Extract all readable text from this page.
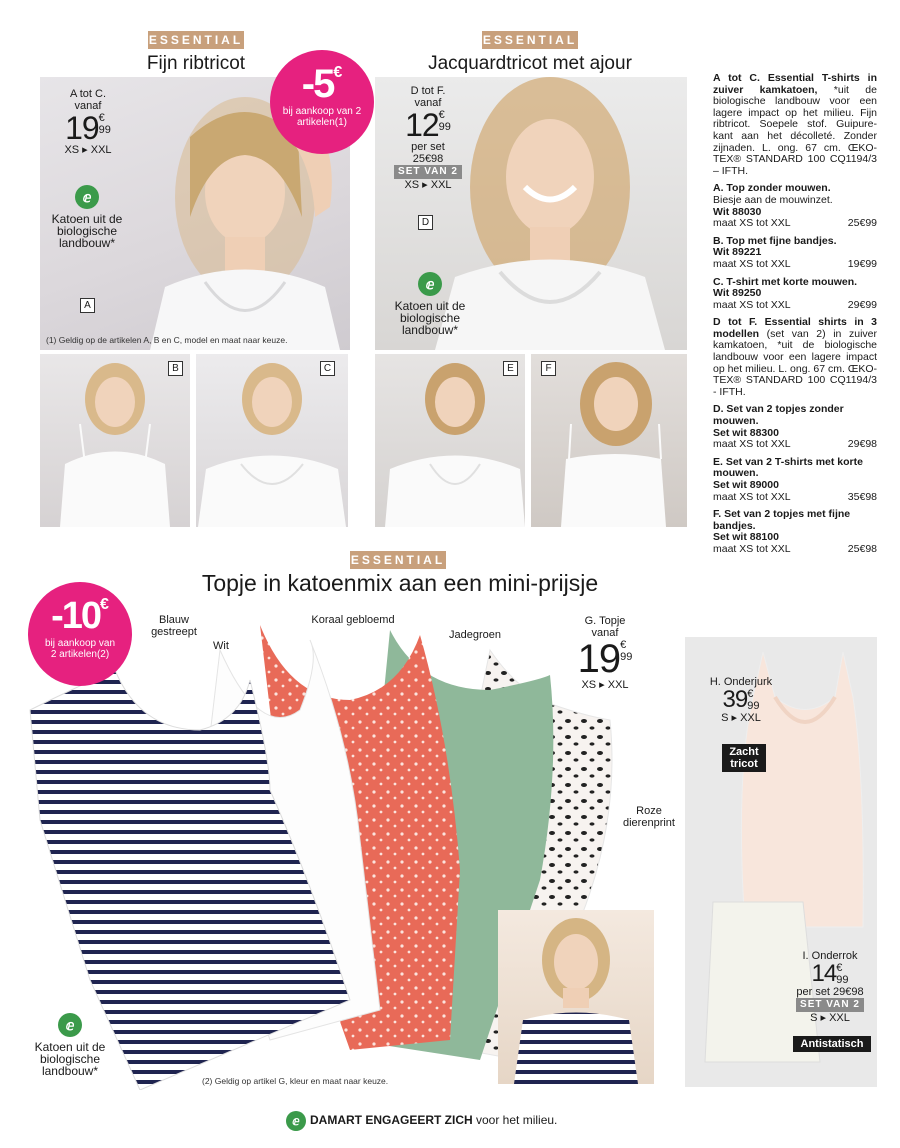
ESSENTIAL
Fijn ribtricot
A tot C.
vanaf
19 €
99
XS ▸ XXL
ⅇ
Katoen uit de biologische landbouw*
A
(1) Geldig op de artikelen A, B en C, model en maat naar keuze.
-5€
bij aankoop van 2 artikelen(1)
B	C
ESSENTIAL
Jacquardtricot met ajour
D tot F.
vanaf
12 €
99
per set
25€98
SET VAN 2
XS ▸ XXL
D
ⅇ
Katoen uit de biologische landbouw*
E	F

A tot C. Essential T-shirts in zuiver kamkatoen, *uit de biologische landbouw voor een lagere impact op het milieu. Fijn ribtricot. Soepele stof. Guipure-kant aan het décolleté. Zonder zijnaden. L. ong. 67 cm. ŒKO-TEX® STANDARD 100 CQ1194/3 – IFTH.

A. Top zonder mouwen.
Biesje aan de mouwinzet.
Wit 88030
maat XS tot XXL	25€99
B. Top met fijne bandjes.
Wit 89221
maat XS tot XXL	19€99
C. T-shirt met korte mouwen.
Wit 89250
maat XS tot XXL	29€99

D tot F. Essential shirts in 3 modellen (set van 2) in zuiver kamkatoen, *uit de biologische landbouw voor een lagere impact op het milieu. L. ong. 67 cm. ŒKO-TEX® STANDARD 100 CQ1194/3 - IFTH.

D. Set van 2 topjes zonder mouwen.
Set wit 88300
maat XS tot XXL	29€98
E. Set van 2 T-shirts met korte mouwen.
Set wit 89000
maat XS tot XXL	35€98
F. Set van 2 topjes met fijne bandjes.
Set wit 88100
maat XS tot XXL	25€98
ESSENTIAL
Topje in katoenmix aan een mini-prijsje
-10€
bij aankoop van 2 artikelen(2)
Blauw gestreept
Wit
Koraal gebloemd
Jadegroen
Roze dierenprint
G. Topje
vanaf
19 €
99
XS ▸ XXL
ⅇ
Katoen uit de biologische landbouw*
(2) Geldig op artikel G, kleur en maat naar keuze.
H. Onderjurk
39 €
99
S ▸ XXL
Zacht tricot
I. Onderrok
14 €
99
per set 29€98
SET VAN 2
S ▸ XXL
Antistatisch
ⅇ DAMART ENGAGEERT ZICH voor het milieu.
